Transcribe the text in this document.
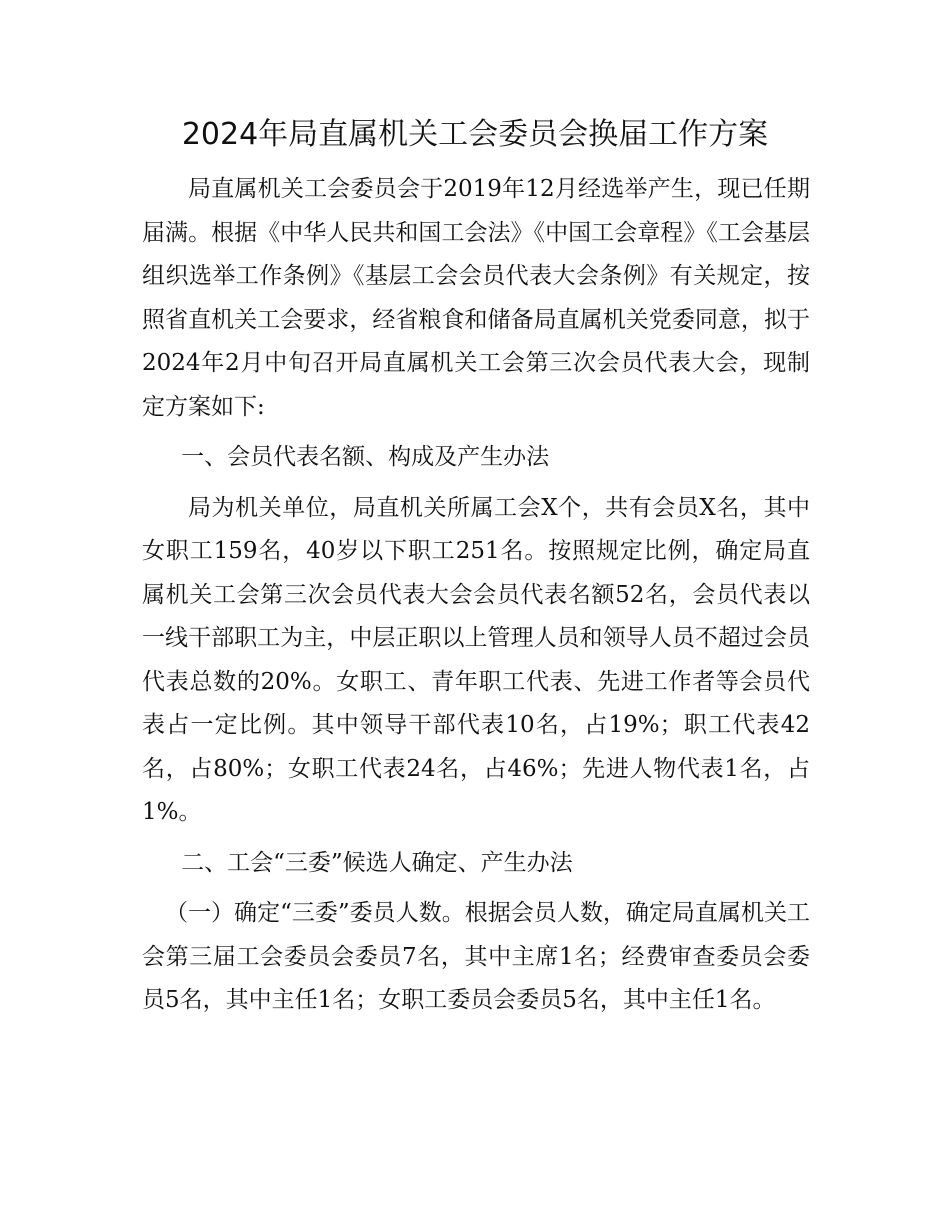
2024年局直属机关工会委员会换届工作方案

局直属机关工会委员会于2019年12月经选举产生，现已任期届满。根据《中华人民共和国工会法》《中国工会章程》《工会基层组织选举工作条例》《基层工会会员代表大会条例》有关规定，按照省直机关工会要求，经省粮食和储备局直属机关党委同意，拟于2024年2月中旬召开局直属机关工会第三次会员代表大会，现制定方案如下:

一、会员代表名额、构成及产生办法

局为机关单位，局直机关所属工会X个，共有会员X名，其中女职工159名，40岁以下职工251名。按照规定比例，确定局直属机关工会第三次会员代表大会会员代表名额52名，会员代表以一线干部职工为主，中层正职以上管理人员和领导人员不超过会员代表总数的20%。女职工、青年职工代表、先进工作者等会员代表占一定比例。其中领导干部代表10名，占19%；职工代表42名，占80%；女职工代表24名，占46%；先进人物代表1名，占1%。

二、工会“三委”候选人确定、产生办法

（一）确定“三委”委员人数。根据会员人数，确定局直属机关工会第三届工会委员会委员7名，其中主席1名；经费审查委员会委员5名，其中主任1名；女职工委员会委员5名，其中主任1名。
